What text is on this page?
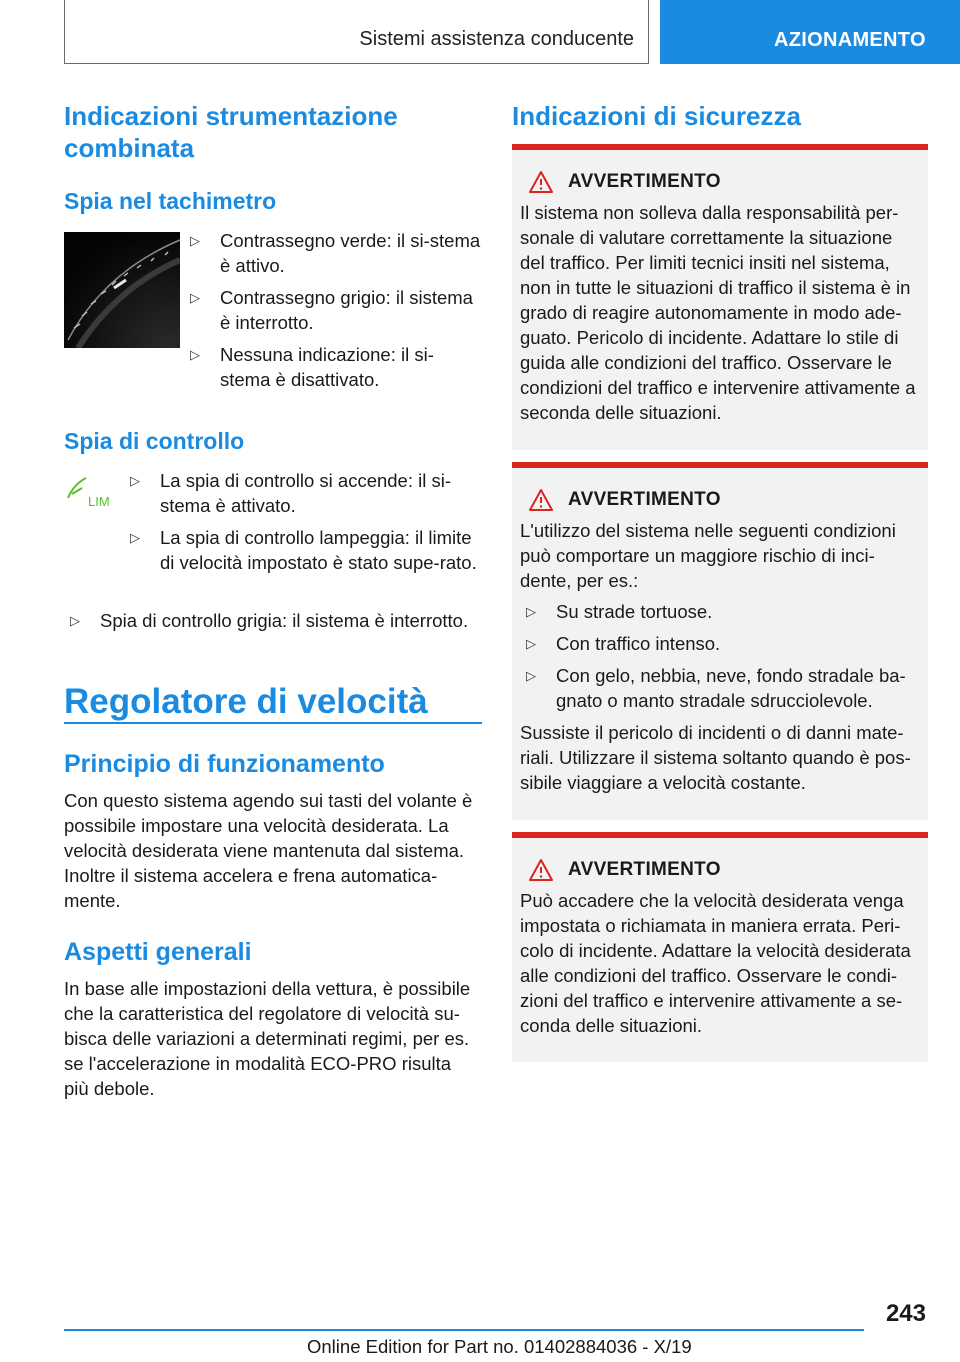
Sistemi assistenza conducente	AZIONAMENTO
Indicazioni strumentazione combinata
Spia nel tachimetro
▷ Contrassegno verde: il si-stema è attivo.
▷ Contrassegno grigio: il sistema è interrotto.
▷ Nessuna indicazione: il si-stema è disattivato.
Spia di controllo
LIM
▷ La spia di controllo si accende: il si-stema è attivato.
▷ La spia di controllo lampeggia: il limite di velocità impostato è stato supe-rato.
▷ Spia di controllo grigia: il sistema è interrotto.
Regolatore di velocità
Principio di funzionamento

Con questo sistema agendo sui tasti del volante è possibile impostare una velocità desiderata. La velocità desiderata viene mantenuta dal sistema. Inoltre il sistema accelera e frena automatica-mente.

Aspetti generali

In base alle impostazioni della vettura, è possibile che la caratteristica del regolatore di velocità su-bisca delle variazioni a determinati regimi, per es. se l'accelerazione in modalità ECO-PRO risulta più debole.

Indicazioni di sicurezza
AVVERTIMENTO

Il sistema non solleva dalla responsabilità per-sonale di valutare correttamente la situazione del traffico. Per limiti tecnici insiti nel sistema, non in tutte le situazioni di traffico il sistema è in grado di reagire autonomamente in modo ade-guato. Pericolo di incidente. Adattare lo stile di guida alle condizioni del traffico. Osservare le condizioni del traffico e intervenire attivamente a seconda delle situazioni.

AVVERTIMENTO

L'utilizzo del sistema nelle seguenti condizioni può comportare un maggiore rischio di inci-dente, per es.:

▷ Su strade tortuose.
▷ Con traffico intenso.
▷ Con gelo, nebbia, neve, fondo stradale ba-gnato o manto stradale sdrucciolevole.

Sussiste il pericolo di incidenti o di danni mate-riali. Utilizzare il sistema soltanto quando è pos-sibile viaggiare a velocità costante.

AVVERTIMENTO

Può accadere che la velocità desiderata venga impostata o richiamata in maniera errata. Peri-colo di incidente. Adattare la velocità desiderata alle condizioni del traffico. Osservare le condi-zioni del traffico e intervenire attivamente a se-conda delle situazioni.

243
Online Edition for Part no. 01402884036 - X/19
